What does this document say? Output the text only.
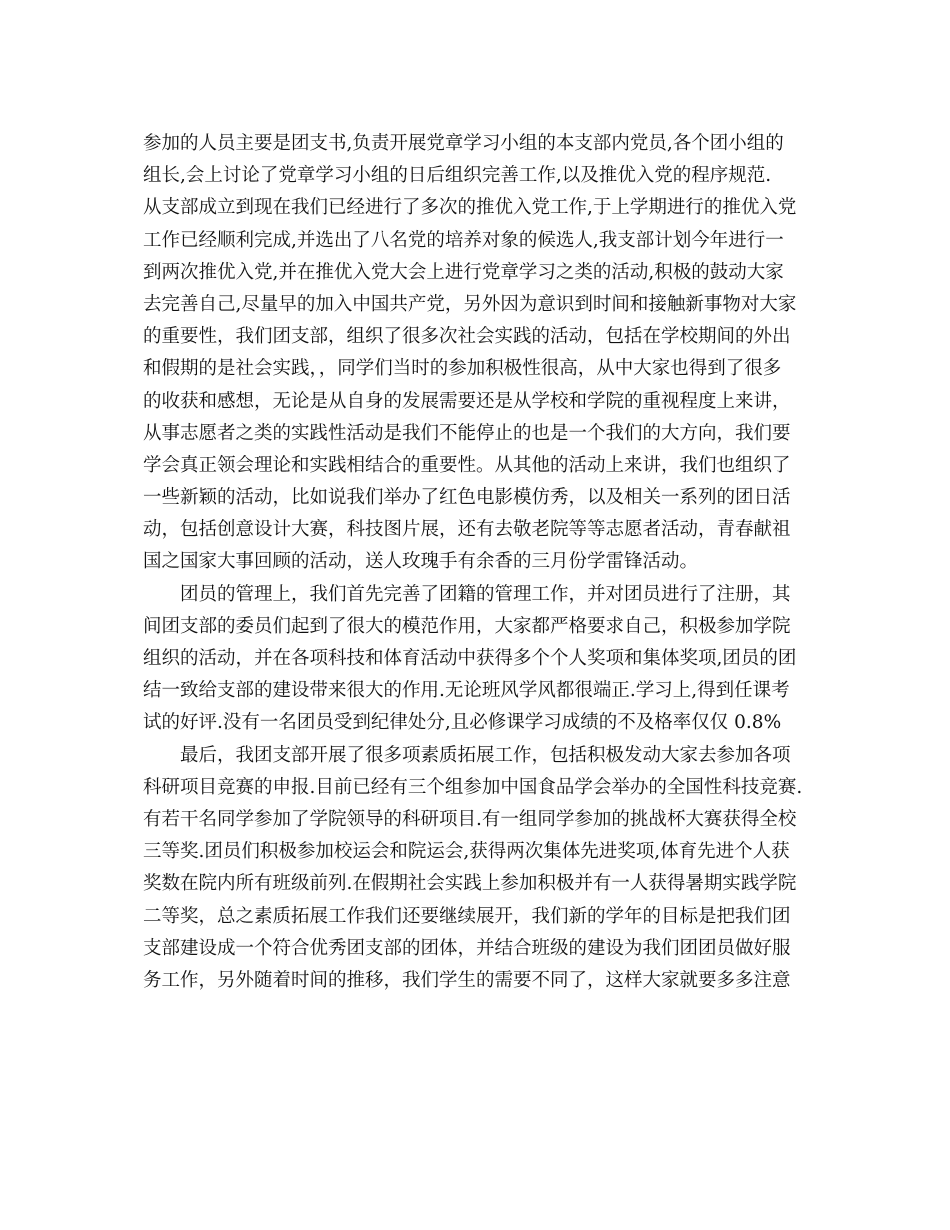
参加的人员主要是团支书,负责开展党章学习小组的本支部内党员,各个团小组的
组长,会上讨论了党章学习小组的日后组织完善工作,以及推优入党的程序规范.
从支部成立到现在我们已经进行了多次的推优入党工作,于上学期进行的推优入党
工作已经顺利完成,并选出了八名党的培养对象的候选人,我支部计划今年进行一
到两次推优入党,并在推优入党大会上进行党章学习之类的活动,积极的鼓动大家
去完善自己,尽量早的加入中国共产党，另外因为意识到时间和接触新事物对大家
的重要性，我们团支部，组织了很多次社会实践的活动，包括在学校期间的外出
和假期的是社会实践，，同学们当时的参加积极性很高，从中大家也得到了很多
的收获和感想，无论是从自身的发展需要还是从学校和学院的重视程度上来讲，
从事志愿者之类的实践性活动是我们不能停止的也是一个我们的大方向，我们要
学会真正领会理论和实践相结合的重要性。从其他的活动上来讲，我们也组织了
一些新颖的活动，比如说我们举办了红色电影模仿秀，以及相关一系列的团日活
动，包括创意设计大赛，科技图片展，还有去敬老院等等志愿者活动，青春献祖
国之国家大事回顾的活动，送人玫瑰手有余香的三月份学雷锋活动。
团员的管理上，我们首先完善了团籍的管理工作，并对团员进行了注册，其
间团支部的委员们起到了很大的模范作用，大家都严格要求自己，积极参加学院
组织的活动，并在各项科技和体育活动中获得多个个人奖项和集体奖项,团员的团
结一致给支部的建设带来很大的作用.无论班风学风都很端正.学习上,得到任课考
试的好评.没有一名团员受到纪律处分,且必修课学习成绩的不及格率仅仅 0.8%
最后，我团支部开展了很多项素质拓展工作，包括积极发动大家去参加各项
科研项目竞赛的申报.目前已经有三个组参加中国食品学会举办的全国性科技竞赛.
有若干名同学参加了学院领导的科研项目.有一组同学参加的挑战杯大赛获得全校
三等奖.团员们积极参加校运会和院运会,获得两次集体先进奖项,体育先进个人获
奖数在院内所有班级前列.在假期社会实践上参加积极并有一人获得暑期实践学院
二等奖，总之素质拓展工作我们还要继续展开，我们新的学年的目标是把我们团
支部建设成一个符合优秀团支部的团体，并结合班级的建设为我们团团员做好服
务工作，另外随着时间的推移，我们学生的需要不同了，这样大家就要多多注意
